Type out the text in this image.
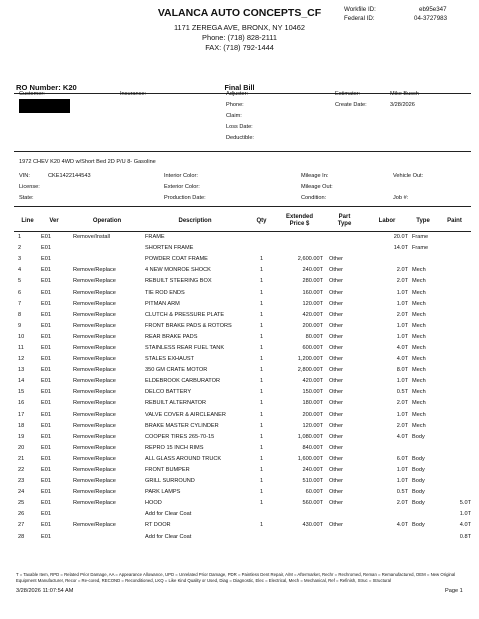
VALANCA AUTO CONCEPTS_CF
1171 ZEREGA AVE, BRONX, NY 10462
Phone: (718) 828-2111
FAX: (718) 792-1444
Workfile ID:	eb95e347
Federal ID:	04-3727983
Final Bill
RO Number: K20
Customer:	Insurance:	Adjuster:
Phone:
Claim:
Loss Date:
Deductible:
Estimator:	Mike Busch
Create Date:	3/28/2026
1972 CHEV K20 4WD w/Short Bed 2D P/U 8- Gasoline
VIN:	CKE1422144543
License:
State:
Interior Color:
Exterior Color:
Production Date:
Mileage In:
Mileage Out:
Condition:
Vehicle Out:
Job #:
Line	Ver	Operation	Description	Qty	Extended
Price $	Part
Type	Labor	Type	Paint
1	E01	Remove/Install	FRAME				20.0T	Frame	
2	E01		SHORTEN FRAME				14.0T	Frame	
3	E01		POWDER COAT FRAME	1	2,600.00T	Other			
4	E01	Remove/Replace	4 NEW MONROE SHOCK	1	240.00T	Other	2.0T	Mech	
5	E01	Remove/Replace	REBUILT STEERING BOX	1	280.00T	Other	2.0T	Mech	
6	E01	Remove/Replace	TIE ROD ENDS	1	160.00T	Other	1.0T	Mech	
7	E01	Remove/Replace	PITMAN ARM	1	120.00T	Other	1.0T	Mech	
8	E01	Remove/Replace	CLUTCH & PRESSURE PLATE	1	420.00T	Other	2.0T	Mech	
9	E01	Remove/Replace	FRONT BRAKE PADS & ROTORS	1	200.00T	Other	1.0T	Mech	
10	E01	Remove/Replace	REAR BRAKE PADS	1	80.00T	Other	1.0T	Mech	
11	E01	Remove/Replace	STAINLESS REAR FUEL TANK	1	600.00T	Other	4.0T	Mech	
12	E01	Remove/Replace	STALES EXHAUST	1	1,200.00T	Other	4.0T	Mech	
13	E01	Remove/Replace	350 GM CRATE MOTOR	1	2,800.00T	Other	8.0T	Mech	
14	E01	Remove/Replace	ELDEBROOK CARBURATOR	1	420.00T	Other	1.0T	Mech	
15	E01	Remove/Replace	DELCO BATTERY	1	150.00T	Other	0.5T	Mech	
16	E01	Remove/Replace	REBUILT ALTERNATOR	1	180.00T	Other	2.0T	Mech	
17	E01	Remove/Replace	VALVE COVER & AIRCLEANER	1	200.00T	Other	1.0T	Mech	
18	E01	Remove/Replace	BRAKE MASTER CYLINDER	1	120.00T	Other	2.0T	Mech	
19	E01	Remove/Replace	COOPER TIRES 265-70-15	1	1,080.00T	Other	4.0T	Body	
20	E01	Remove/Replace	REPRO 15 INCH RIMS	1	840.00T	Other			
21	E01	Remove/Replace	ALL GLASS AROUND TRUCK	1	1,600.00T	Other	6.0T	Body	
22	E01	Remove/Replace	FRONT BUMPER	1	240.00T	Other	1.0T	Body	
23	E01	Remove/Replace	GRILL SURROUND	1	510.00T	Other	1.0T	Body	
24	E01	Remove/Replace	PARK LAMPS	1	60.00T	Other	0.5T	Body	
25	E01	Remove/Replace	HOOD	1	560.00T	Other	2.0T	Body	5.0T
26	E01		Add for Clear Coat						1.0T
27	E01	Remove/Replace	RT DOOR	1	430.00T	Other	4.0T	Body	4.0T
28	E01		Add for Clear Coat						0.8T
T = Taxable Item, RPD = Related Prior Damage, AA = Appearance Allowance, UPD = Unrelated Prior Damage, PDR = Paintless Dent Repair, A/M = Aftermarket, Rechr = Rechromed, Reman = Remanufactured, OEM = New Original Equipment Manufacturer, Recor = Re-cored, RECOND = Reconditioned, LKQ = Like Kind Quality or Used, Diag = Diagnostic, Elec = Electrical, Mech = Mechanical, Ref = Refinish, Struc = Structural
3/28/2026 11:07:54 AM	Page 1
